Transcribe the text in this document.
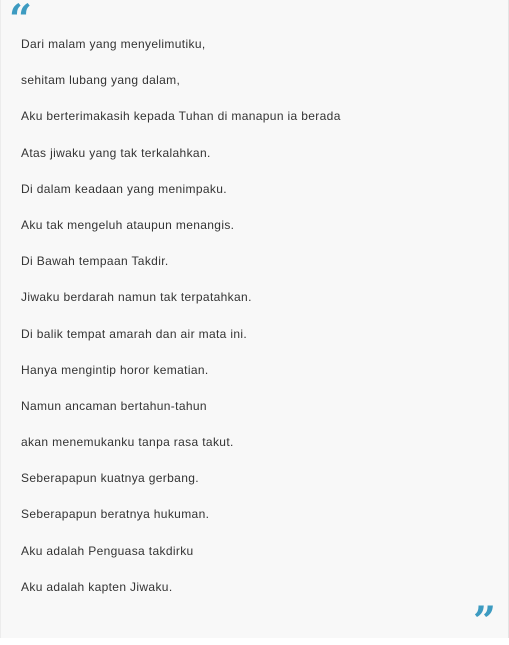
“
Dari malam yang menyelimutiku,
sehitam lubang yang dalam,
Aku berterimakasih kepada Tuhan di manapun ia berada
Atas jiwaku yang tak terkalahkan.
Di dalam keadaan yang menimpaku.
Aku tak mengeluh ataupun menangis.
Di Bawah tempaan Takdir.
Jiwaku berdarah namun tak terpatahkan.
Di balik tempat amarah dan air mata ini.
Hanya mengintip horor kematian.
Namun ancaman bertahun-tahun
akan menemukanku tanpa rasa takut.
Seberapapun kuatnya gerbang.
Seberapapun beratnya hukuman.
Aku adalah Penguasa takdirku
Aku adalah kapten Jiwaku.
”
